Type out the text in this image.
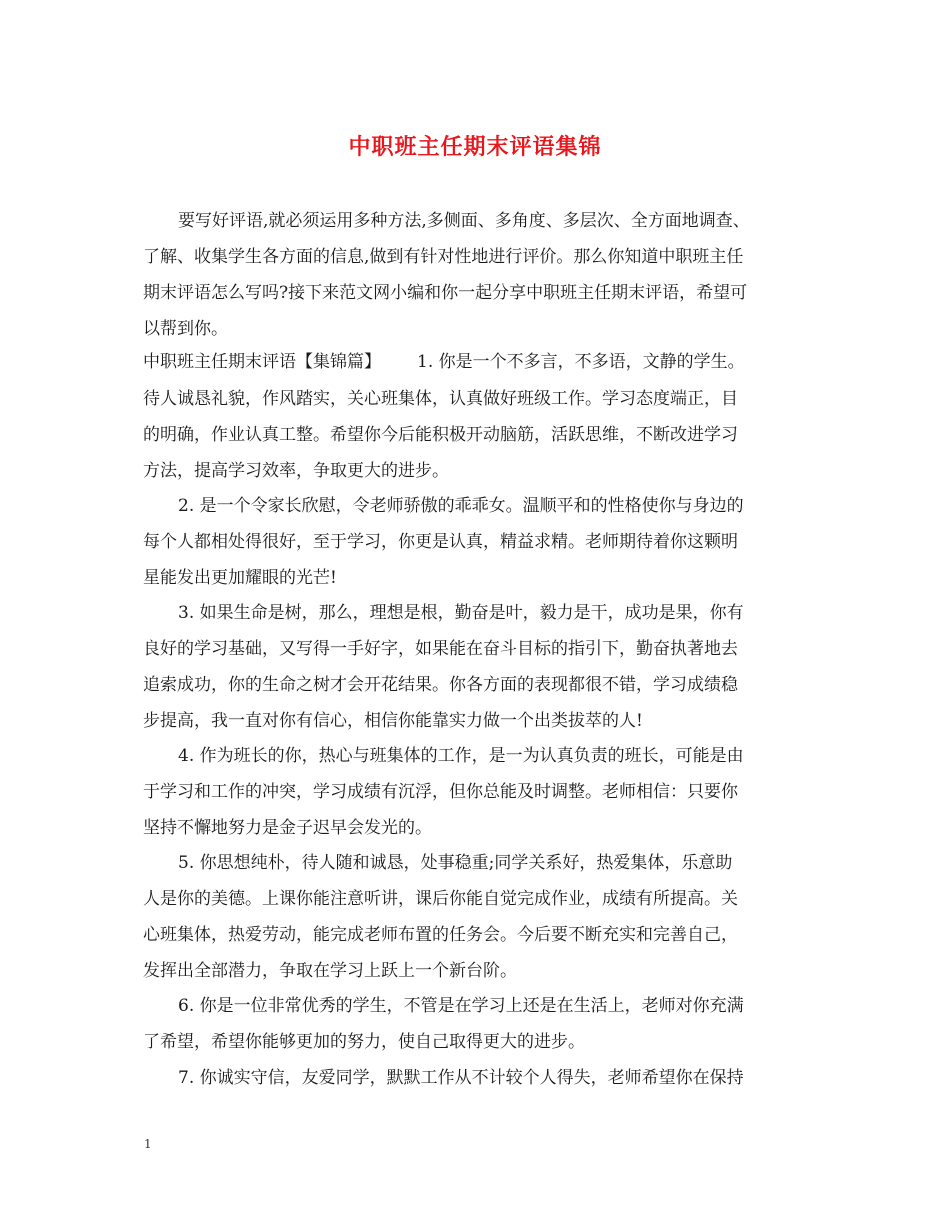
中职班主任期末评语集锦
要写好评语,就必须运用多种方法,多侧面、多角度、多层次、全方面地调查、
了解、收集学生各方面的信息,做到有针对性地进行评价。那么你知道中职班主任
期末评语怎么写吗?接下来范文网小编和你一起分享中职班主任期末评语，希望可
以帮到你。
中职班主任期末评语【集锦篇】 1. 你是一个不多言，不多语，文静的学生。
待人诚恳礼貌，作风踏实，关心班集体，认真做好班级工作。学习态度端正，目
的明确，作业认真工整。希望你今后能积极开动脑筋，活跃思维，不断改进学习
方法，提高学习效率，争取更大的进步。
2. 是一个令家长欣慰，令老师骄傲的乖乖女。温顺平和的性格使你与身边的
每个人都相处得很好，至于学习，你更是认真，精益求精。老师期待着你这颗明
星能发出更加耀眼的光芒!
3. 如果生命是树，那么，理想是根，勤奋是叶，毅力是干，成功是果，你有
良好的学习基础，又写得一手好字，如果能在奋斗目标的指引下，勤奋执著地去
追索成功，你的生命之树才会开花结果。你各方面的表现都很不错，学习成绩稳
步提高，我一直对你有信心，相信你能靠实力做一个出类拔萃的人!
4. 作为班长的你，热心与班集体的工作，是一为认真负责的班长，可能是由
于学习和工作的冲突，学习成绩有沉浮，但你总能及时调整。老师相信：只要你
坚持不懈地努力是金子迟早会发光的。
5. 你思想纯朴，待人随和诚恳，处事稳重;同学关系好，热爱集体，乐意助
人是你的美德。上课你能注意听讲，课后你能自觉完成作业，成绩有所提高。关
心班集体，热爱劳动，能完成老师布置的任务会。今后要不断充实和完善自己，
发挥出全部潜力，争取在学习上跃上一个新台阶。
6. 你是一位非常优秀的学生，不管是在学习上还是在生活上，老师对你充满
了希望，希望你能够更加的努力，使自己取得更大的进步。
7. 你诚实守信，友爱同学，默默工作从不计较个人得失，老师希望你在保持
1
